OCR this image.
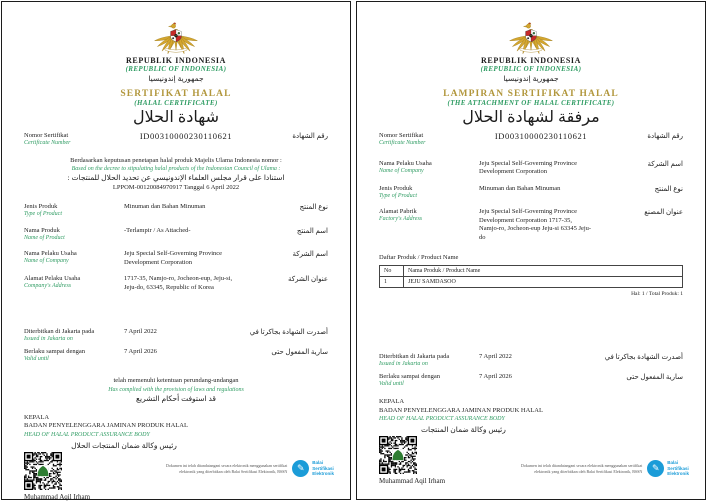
REPUBLIK INDONESIA
(REPUBLIC OF INDONESIA)
جمهورية إندونيسيا
SERTIFIKAT HALAL
(HALAL CERTIFICATE)
شهادة الحلال
Nomor Sertifikat
Certificate Number
ID00310000230110621	رقم الشهادة
Berdasarkan keputusan penetapan halal produk Majelis Ulama Indonesia nomor :
Based on the decree to stipulating halal products of the Indonesian Council of Ulama :
استنادا على قرار مجلس العلماء الإندونيسي عن تحديد الحلال للمنتجات :
LPPOM-00120084970917 Tanggal 6 April 2022
Jenis Produk
Type of Product
Minuman dan Bahan Minuman	نوع المنتج
Nama Produk
Name of Product
-Terlampir / As Attached-	اسم المنتج
Nama Pelaku Usaha
Name of Company
Jeju Special Self-Governing Province Development Corporation
اسم الشركة
Alamat Pelaku Usaha
Company's Address
1717-35, Namjo-ro, Jocheon-eup, Jeju-si, Jeju-do, 63345, Republic of Korea
عنوان الشركة
Diterbitkan di Jakarta pada
Issued in Jakarta on
7 April 2022	أصدرت الشهادة بجاكرتا في
Berlaku sampai dengan
Valid until
7 April 2026	سارية المفعول حتى
telah memenuhi ketentuan perundang-undangan
Has complied with the provision of laws and regulations
قد استوفت أحكام التشريع
KEPALA
BADAN PENYELENGGARA JAMINAN PRODUK HALAL
HEAD OF HALAL PRODUCT ASSURANCE BODY
رئيس وكالة ضمان المنتجات الحلال
Muhammad Aqil Irham
Dokumen ini telah ditandatangani secara elektronik menggunakan sertifikat
elektronik yang diterbitkan oleh Balai Sertifikasi Elektronik, BSSN	✎
Balai
Sertifikasi
Elektronik
REPUBLIK INDONESIA
(REPUBLIC OF INDONESIA)
جمهورية إندونيسيا
LAMPIRAN SERTIFIKAT HALAL
(THE ATTACHMENT OF HALAL CERTIFICATE)
مرفقة لشهادة الحلال
Nomor Sertifikat
Certificate Number
ID00310000230110621	رقم الشهادة
Nama Pelaku Usaha
Name of Company
Jeju Special Self-Governing Province Development Corporation
اسم الشركة
Jenis Produk
Type of Product
Minuman dan Bahan Minuman	نوع المنتج
Alamat Pabrik
Factory's Address
Jeju Special Self-Governing Province Development Corporation 1717-35, Namjo-ro, Jocheon-eup Jeju-si 63345 Jeju-do
عنوان المصنع
Daftar Produk / Product Name
No	Nama Produk / Product Name
1	JEJU SAMDASOO
Hal: 1 / Total Produk: 1
Diterbitkan di Jakarta pada
Issued in Jakarta on
7 April 2022	أصدرت الشهادة بجاكرتا في
Berlaku sampai dengan
Valid until
7 April 2026	سارية المفعول حتى
KEPALA
BADAN PENYELENGGARA JAMINAN PRODUK HALAL
HEAD OF HALAL PRODUCT ASSURANCE BODY
رئيس وكالة ضمان المنتجات
Muhammad Aqil Irham
Dokumen ini telah ditandatangani secara elektronik menggunakan sertifikat
elektronik yang diterbitkan oleh Balai Sertifikasi Elektronik, BSSN	✎
Balai
Sertifikasi
Elektronik
